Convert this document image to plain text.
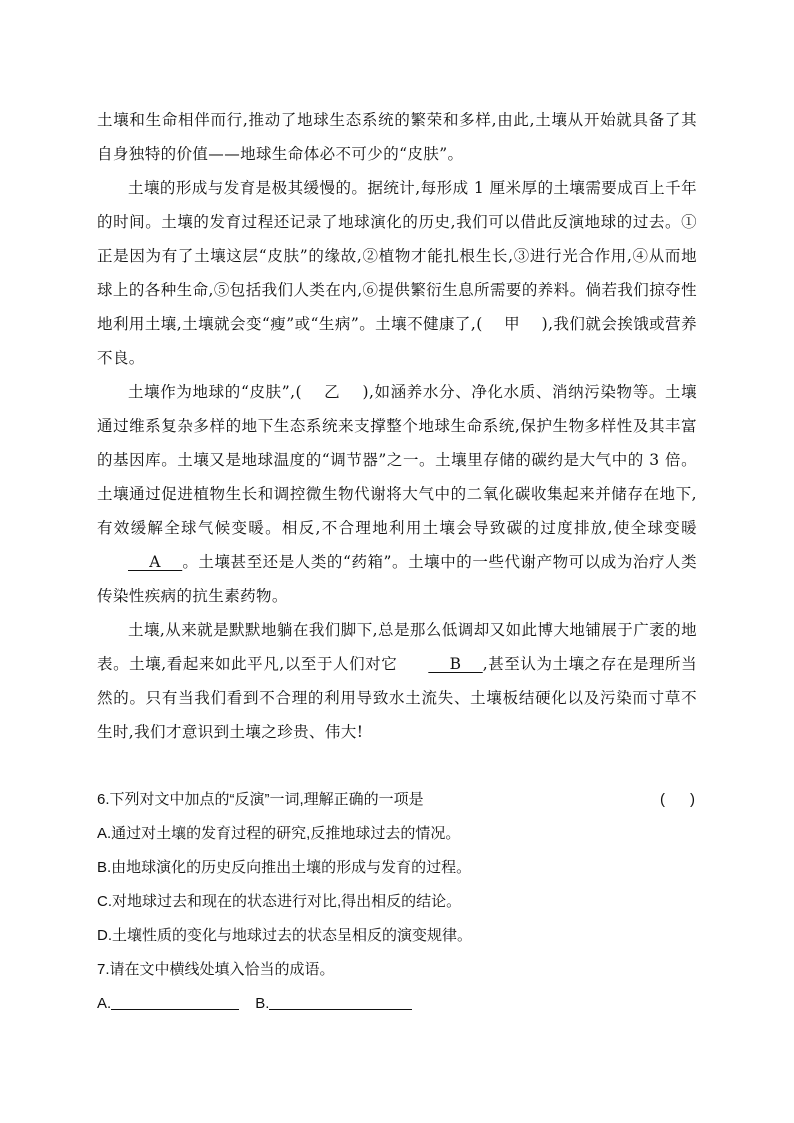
土壤和生命相伴而行,推动了地球生态系统的繁荣和多样,由此,土壤从开始就具备了其自身独特的价值——地球生命体必不可少的“皮肤”。

土壤的形成与发育是极其缓慢的。据统计,每形成 1 厘米厚的土壤需要成百上千年的时间。土壤的发育过程还记录了地球演化的历史,我们可以借此反演地球的过去。①正是因为有了土壤这层“皮肤”的缘故,②植物才能扎根生长,③进行光合作用,④从而地球上的各种生命,⑤包括我们人类在内,⑥提供繁衍生息所需要的养料。倘若我们掠夺性地利用土壤,土壤就会变“瘦”或“生病”。土壤不健康了,(    甲    ),我们就会挨饿或营养不良。

土壤作为地球的“皮肤”,(    乙    ),如涵养水分、净化水质、消纳污染物等。土壤通过维系复杂多样的地下生态系统来支撑整个地球生命系统,保护生物多样性及其丰富的基因库。土壤又是地球温度的“调节器”之一。土壤里存储的碳约是大气中的 3 倍。土壤通过促进植物生长和调控微生物代谢将大气中的二氧化碳收集起来并储存在地下,有效缓解全球气候变暖。相反,不合理地利用土壤会导致碳的过度排放,使全球变暖    A    。土壤甚至还是人类的“药箱”。土壤中的一些代谢产物可以成为治疗人类传染性疾病的抗生素药物。

土壤,从来就是默默地躺在我们脚下,总是那么低调却又如此博大地铺展于广袤的地表。土壤,看起来如此平凡,以至于人们对它    B    ,甚至认为土壤之存在是理所当然的。只有当我们看到不合理的利用导致水土流失、土壤板结硬化以及污染而寸草不生时,我们才意识到土壤之珍贵、伟大!

6.下列对文中加点的“反演”一词,理解正确的一项是	(      )
A.通过对土壤的发育过程的研究,反推地球过去的情况。
B.由地球演化的历史反向推出土壤的形成与发育的过程。
C.对地球过去和现在的状态进行对比,得出相反的结论。
D.土壤性质的变化与地球过去的状态呈相反的演变规律。
7.请在文中横线处填入恰当的成语。
A.	B.
